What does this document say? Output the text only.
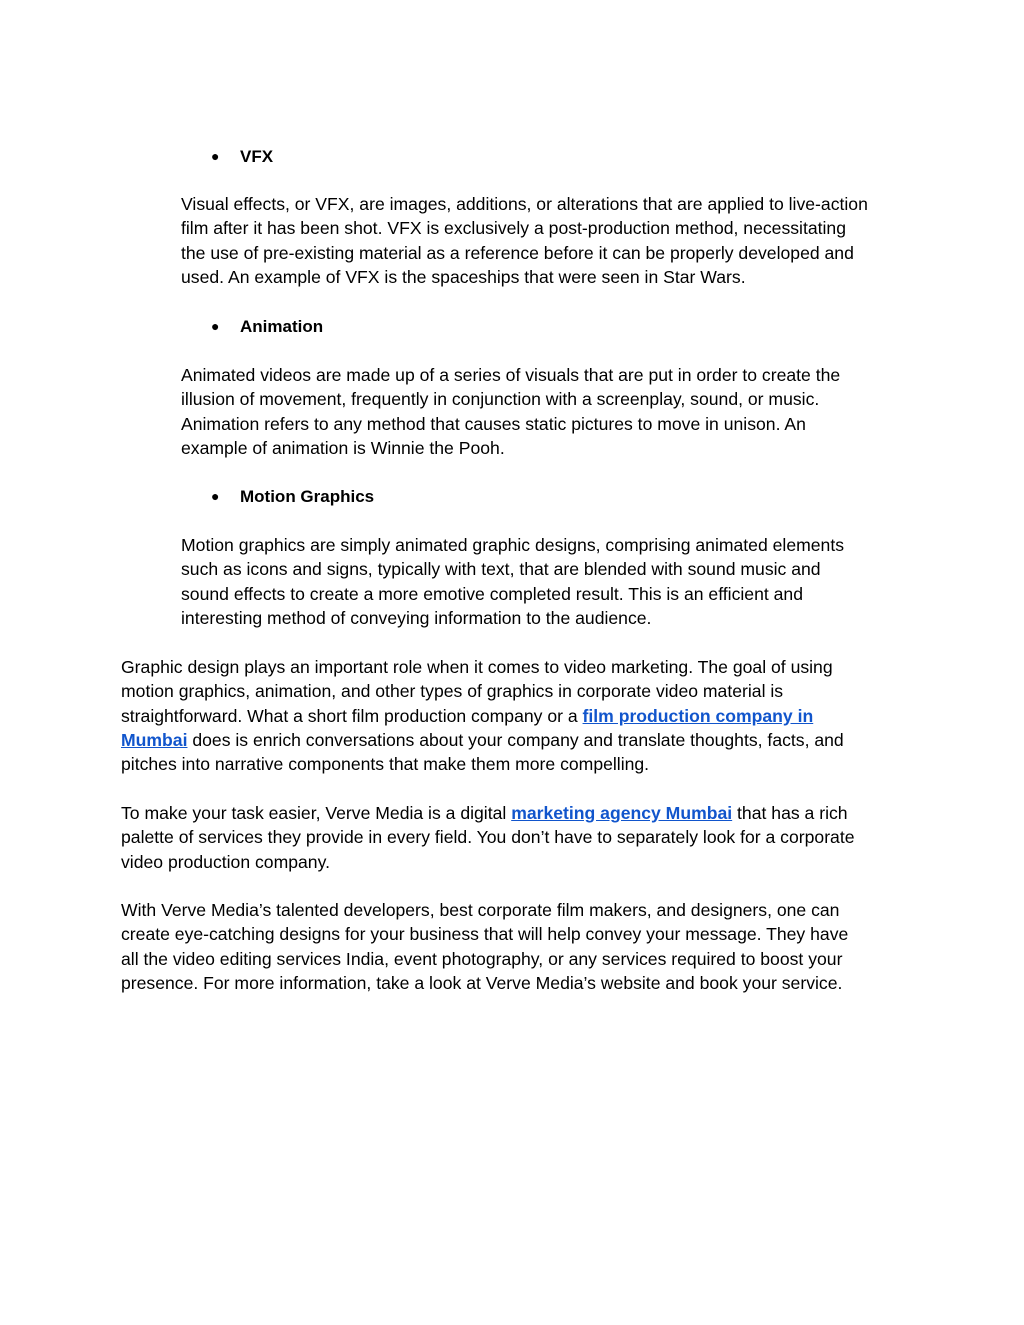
● VFX

Visual effects, or VFX, are images, additions, or alterations that are applied to live-action
film after it has been shot. VFX is exclusively a post-production method, necessitating
the use of pre-existing material as a reference before it can be properly developed and
used. An example of VFX is the spaceships that were seen in Star Wars.

● Animation

Animated videos are made up of a series of visuals that are put in order to create the
illusion of movement, frequently in conjunction with a screenplay, sound, or music.
Animation refers to any method that causes static pictures to move in unison. An
example of animation is Winnie the Pooh.

● Motion Graphics

Motion graphics are simply animated graphic designs, comprising animated elements
such as icons and signs, typically with text, that are blended with sound music and
sound effects to create a more emotive completed result. This is an efficient and
interesting method of conveying information to the audience.

Graphic design plays an important role when it comes to video marketing. The goal of using
motion graphics, animation, and other types of graphics in corporate video material is
straightforward. What a short film production company or a film production company in
Mumbai does is enrich conversations about your company and translate thoughts, facts, and
pitches into narrative components that make them more compelling.

To make your task easier, Verve Media is a digital marketing agency Mumbai that has a rich
palette of services they provide in every field. You don’t have to separately look for a corporate
video production company.

With Verve Media’s talented developers, best corporate film makers, and designers, one can
create eye-catching designs for your business that will help convey your message. They have
all the video editing services India, event photography, or any services required to boost your
presence. For more information, take a look at Verve Media’s website and book your service.
